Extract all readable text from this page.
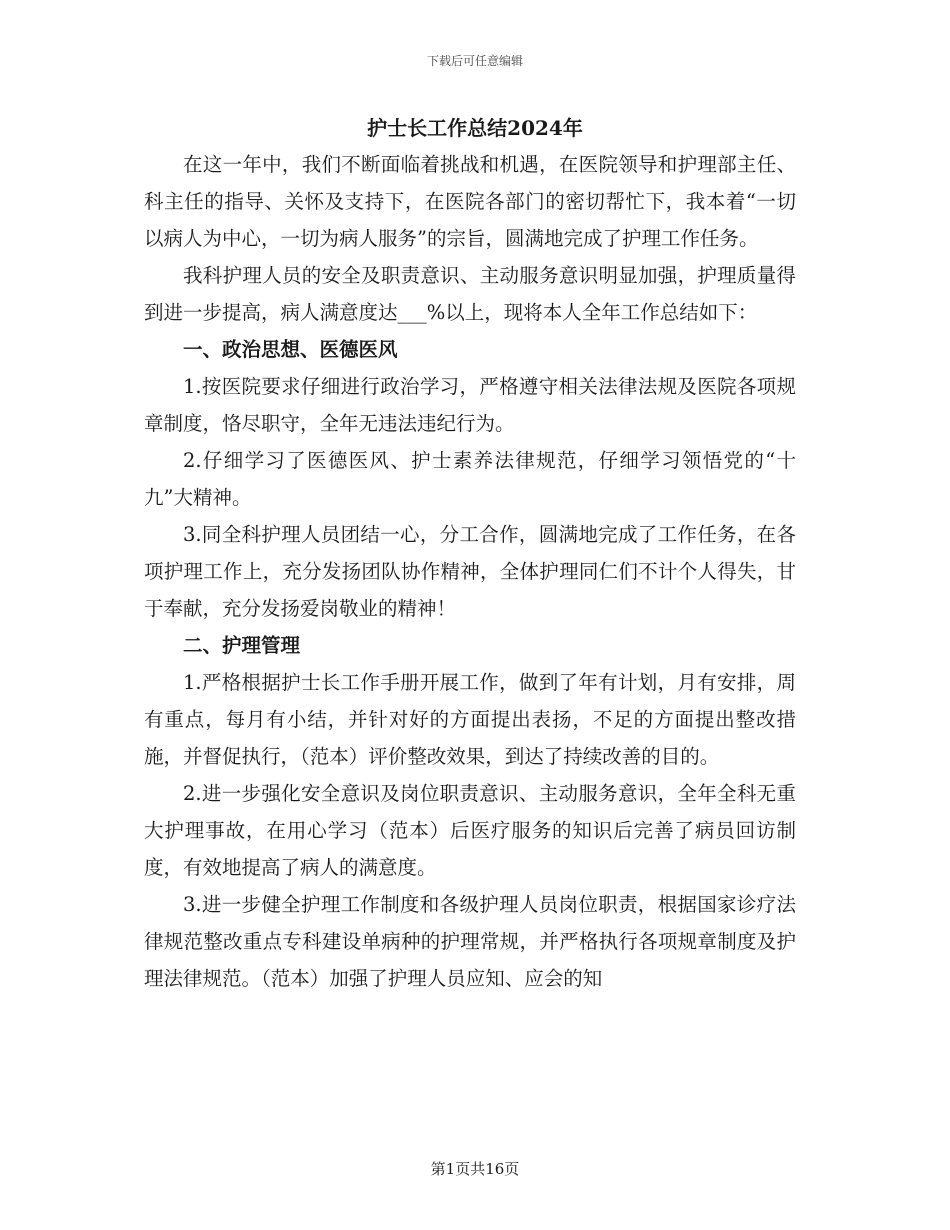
下载后可任意编辑
护士长工作总结2024年

在这一年中，我们不断面临着挑战和机遇，在医院领导和护理部主任、科主任的指导、关怀及支持下，在医院各部门的密切帮忙下，我本着“一切以病人为中心，一切为病人服务”的宗旨，圆满地完成了护理工作任务。

我科护理人员的安全及职责意识、主动服务意识明显加强，护理质量得到进一步提高，病人满意度达___%以上，现将本人全年工作总结如下：

一、政治思想、医德医风

1.按医院要求仔细进行政治学习，严格遵守相关法律法规及医院各项规章制度，恪尽职守，全年无违法违纪行为。

2.仔细学习了医德医风、护士素养法律规范，仔细学习领悟党的“十九”大精神。

3.同全科护理人员团结一心，分工合作，圆满地完成了工作任务，在各项护理工作上，充分发扬团队协作精神，全体护理同仁们不计个人得失，甘于奉献，充分发扬爱岗敬业的精神！

二、护理管理

1.严格根据护士长工作手册开展工作，做到了年有计划，月有安排，周有重点，每月有小结，并针对好的方面提出表扬，不足的方面提出整改措施，并督促执行，（范本）评价整改效果，到达了持续改善的目的。

2.进一步强化安全意识及岗位职责意识、主动服务意识，全年全科无重大护理事故，在用心学习（范本）后医疗服务的知识后完善了病员回访制度，有效地提高了病人的满意度。

3.进一步健全护理工作制度和各级护理人员岗位职责，根据国家诊疗法律规范整改重点专科建设单病种的护理常规，并严格执行各项规章制度及护理法律规范。（范本）加强了护理人员应知、应会的知

第1页共16页
